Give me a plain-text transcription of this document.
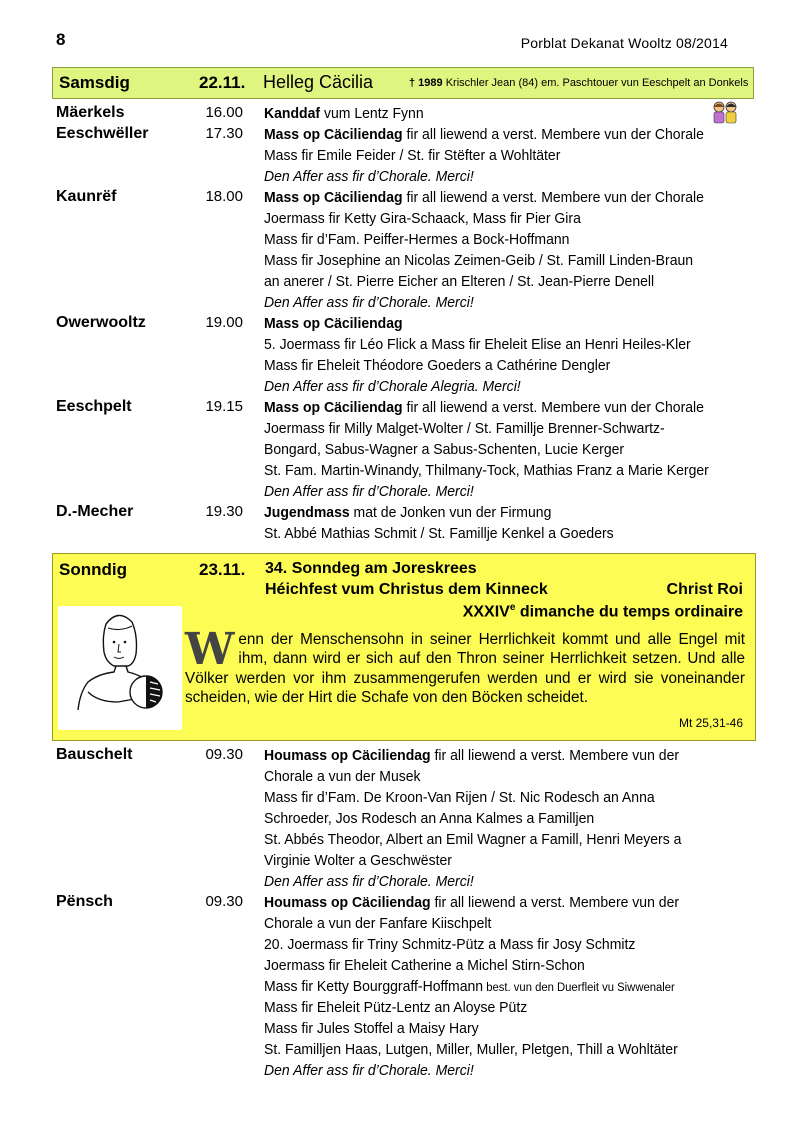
8	Porblat Dekanat Wooltz 08/2014
Samsdig	22.11. Helleg Cäcilia	† 1989 Krischler Jean (84) em. Paschtouer vun Eeschpelt an Donkels
Mäerkels	16.00 Kanddaf vum Lentz Fynn
Eeschwëller	17.30 Mass op Cäciliendag fir all liewend a verst. Membere vun der Chorale
Mass fir Emile Feider / St. fir Stëfter a Wohltäter
Den Affer ass fir d’Chorale. Merci!
Kaunrëf	18.00 Mass op Cäciliendag fir all liewend a verst. Membere vun der Chorale
Joermass fir Ketty Gira-Schaack, Mass fir Pier Gira
Mass fir d’Fam. Peiffer-Hermes a Bock-Hoffmann
Mass fir Josephine an Nicolas Zeimen-Geib / St. Famill Linden-Braun
an anerer / St. Pierre Eicher an Elteren / St. Jean-Pierre Denell
Den Affer ass fir d’Chorale. Merci!
Owerwooltz	19.00 Mass op Cäciliendag
5. Joermass fir Léo Flick a Mass fir Eheleit Elise an Henri Heiles-Kler
Mass fir Eheleit Théodore Goeders a Cathérine Dengler
Den Affer ass fir d’Chorale Alegria. Merci!
Eeschpelt	19.15 Mass op Cäciliendag fir all liewend a verst. Membere vun der Chorale
Joermass fir Milly Malget-Wolter / St. Famillje Brenner-Schwartz-
Bongard, Sabus-Wagner a Sabus-Schenten, Lucie Kerger
St. Fam. Martin-Winandy, Thilmany-Tock, Mathias Franz a Marie Kerger
Den Affer ass fir d’Chorale. Merci!
D.-Mecher	19.30 Jugendmass mat de Jonken vun der Firmung
St. Abbé Mathias Schmit / St. Famillje Kenkel a Goeders
Sonndig	23.11. 34. Sonndeg am Joreskrees
Héichfest vum Christus dem Kinneck	Christ Roi
XXXIVe dimanche du temps ordinaire
Wenn der Menschensohn in seiner Herrlichkeit kommt und alle Engel mit ihm, dann wird er sich auf den Thron seiner Herrlichkeit setzen. Und alle Völker werden vor ihm zusammengerufen werden und er wird sie voneinander scheiden, wie der Hirt die Schafe von den Böcken scheidet.
Mt 25,31-46
Bauschelt	09.30 Houmass op Cäciliendag fir all liewend a verst. Membere vun der
Chorale a vun der Musek
Mass fir d’Fam. De Kroon-Van Rijen / St. Nic Rodesch an Anna
Schroeder, Jos Rodesch an Anna Kalmes a Familljen
St. Abbés Theodor, Albert an Emil Wagner a Famill, Henri Meyers a
Virginie Wolter a Geschwëster
Den Affer ass fir d’Chorale. Merci!
Pënsch	09.30 Houmass op Cäciliendag fir all liewend a verst. Membere vun der
Chorale a vun der Fanfare Kiischpelt
20. Joermass fir Triny Schmitz-Pütz a Mass fir Josy Schmitz
Joermass fir Eheleit Catherine a Michel Stirn-Schon
Mass fir Ketty Bourggraff-Hoffmann best. vun den Duerfleit vu Siwwenaler
Mass fir Eheleit Pütz-Lentz an Aloyse Pütz
Mass fir Jules Stoffel a Maisy Hary
St. Familljen Haas, Lutgen, Miller, Muller, Pletgen, Thill a Wohltäter
Den Affer ass fir d’Chorale. Merci!
